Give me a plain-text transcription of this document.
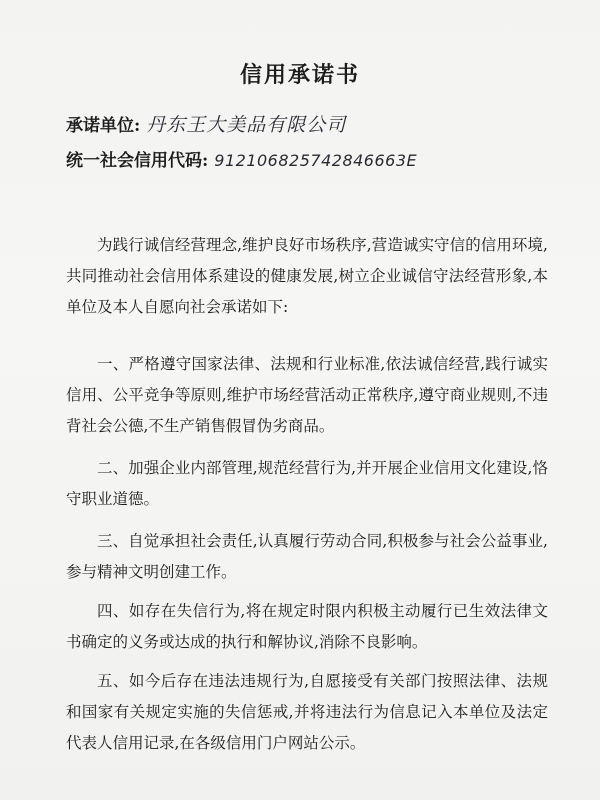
信用承诺书
承诺单位: 丹东王大美品有限公司
统一社会信用代码: 912106825742846663E

为践行诚信经营理念,维护良好市场秩序,营造诚实守信的信用环境,共同推动社会信用体系建设的健康发展,树立企业诚信守法经营形象,本单位及本人自愿向社会承诺如下:

一、严格遵守国家法律、法规和行业标准,依法诚信经营,践行诚实信用、公平竞争等原则,维护市场经营活动正常秩序,遵守商业规则,不违背社会公德,不生产销售假冒伪劣商品。

二、加强企业内部管理,规范经营行为,并开展企业信用文化建设,恪守职业道德。

三、自觉承担社会责任,认真履行劳动合同,积极参与社会公益事业,参与精神文明创建工作。

四、如存在失信行为,将在规定时限内积极主动履行已生效法律文书确定的义务或达成的执行和解协议,消除不良影响。

五、如今后存在违法违规行为,自愿接受有关部门按照法律、法规和国家有关规定实施的失信惩戒,并将违法行为信息记入本单位及法定代表人信用记录,在各级信用门户网站公示。
